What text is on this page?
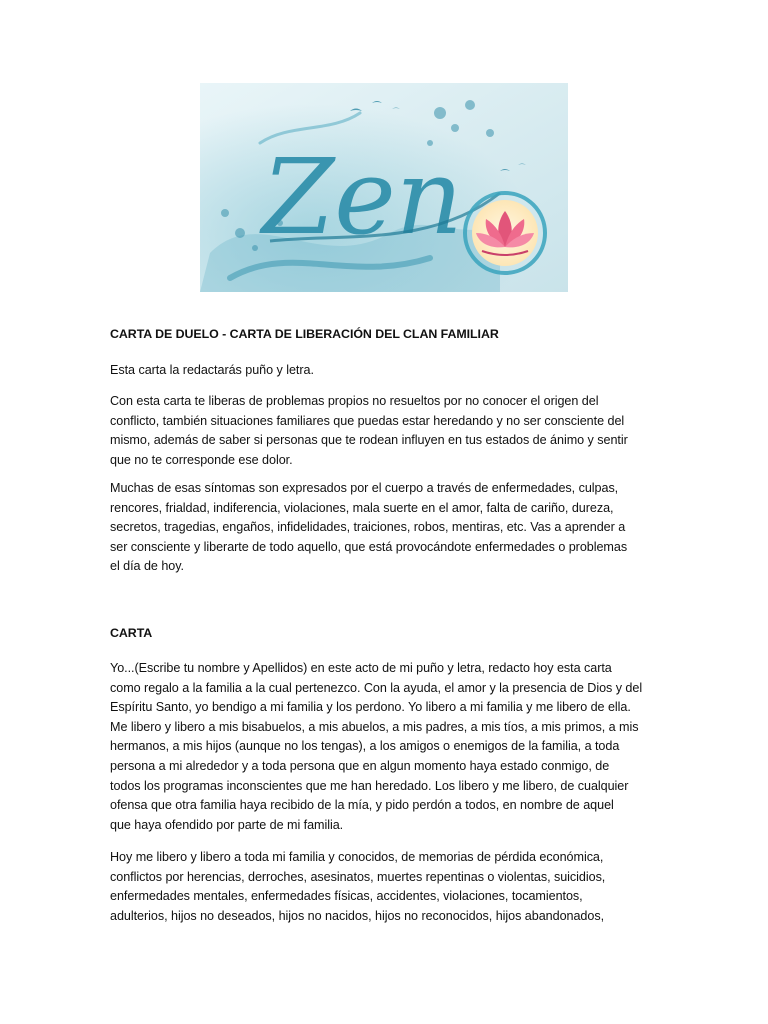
Zen

CARTA DE DUELO - CARTA DE LIBERACIÓN DEL CLAN FAMILIAR

Esta carta la redactarás puño y letra.

Con esta carta te liberas de problemas propios no resueltos por no conocer el origen del

conflicto, también situaciones familiares que puedas estar heredando y no ser consciente del

mismo, además de saber si personas que te rodean influyen en tus estados de ánimo y sentir

que no te corresponde ese dolor.

Muchas de esas síntomas son expresados por el cuerpo a través de enfermedades, culpas,

rencores, frialdad, indiferencia, violaciones, mala suerte en el amor, falta de cariño, dureza,

secretos, tragedias, engaños, infidelidades, traiciones, robos, mentiras, etc. Vas a aprender a

ser consciente y liberarte de todo aquello, que está provocándote enfermedades o problemas

el día de hoy.

CARTA

Yo...(Escribe tu nombre y Apellidos) en este acto de mi puño y letra, redacto hoy esta carta

como regalo a la familia a la cual pertenezco. Con la ayuda, el amor y la presencia de Dios y del

Espíritu Santo, yo bendigo a mi familia y los perdono. Yo libero a mi familia y me libero de ella.

Me libero y libero a mis bisabuelos, a mis abuelos, a mis padres, a mis tíos, a mis primos, a mis

hermanos, a mis hijos (aunque no los tengas), a los amigos o enemigos de la familia, a toda

persona a mi alrededor y a toda persona que en algun momento haya estado conmigo, de

todos los programas inconscientes que me han heredado. Los libero y me libero, de cualquier

ofensa que otra familia haya recibido de la mía, y pido perdón a todos, en nombre de aquel

que haya ofendido por parte de mi familia.

Hoy me libero y libero a toda mi familia y conocidos, de memorias de pérdida económica,

conflictos por herencias, derroches, asesinatos, muertes repentinas o violentas, suicidios,

enfermedades mentales, enfermedades físicas, accidentes, violaciones, tocamientos,

adulterios, hijos no deseados, hijos no nacidos, hijos no reconocidos, hijos abandonados,
